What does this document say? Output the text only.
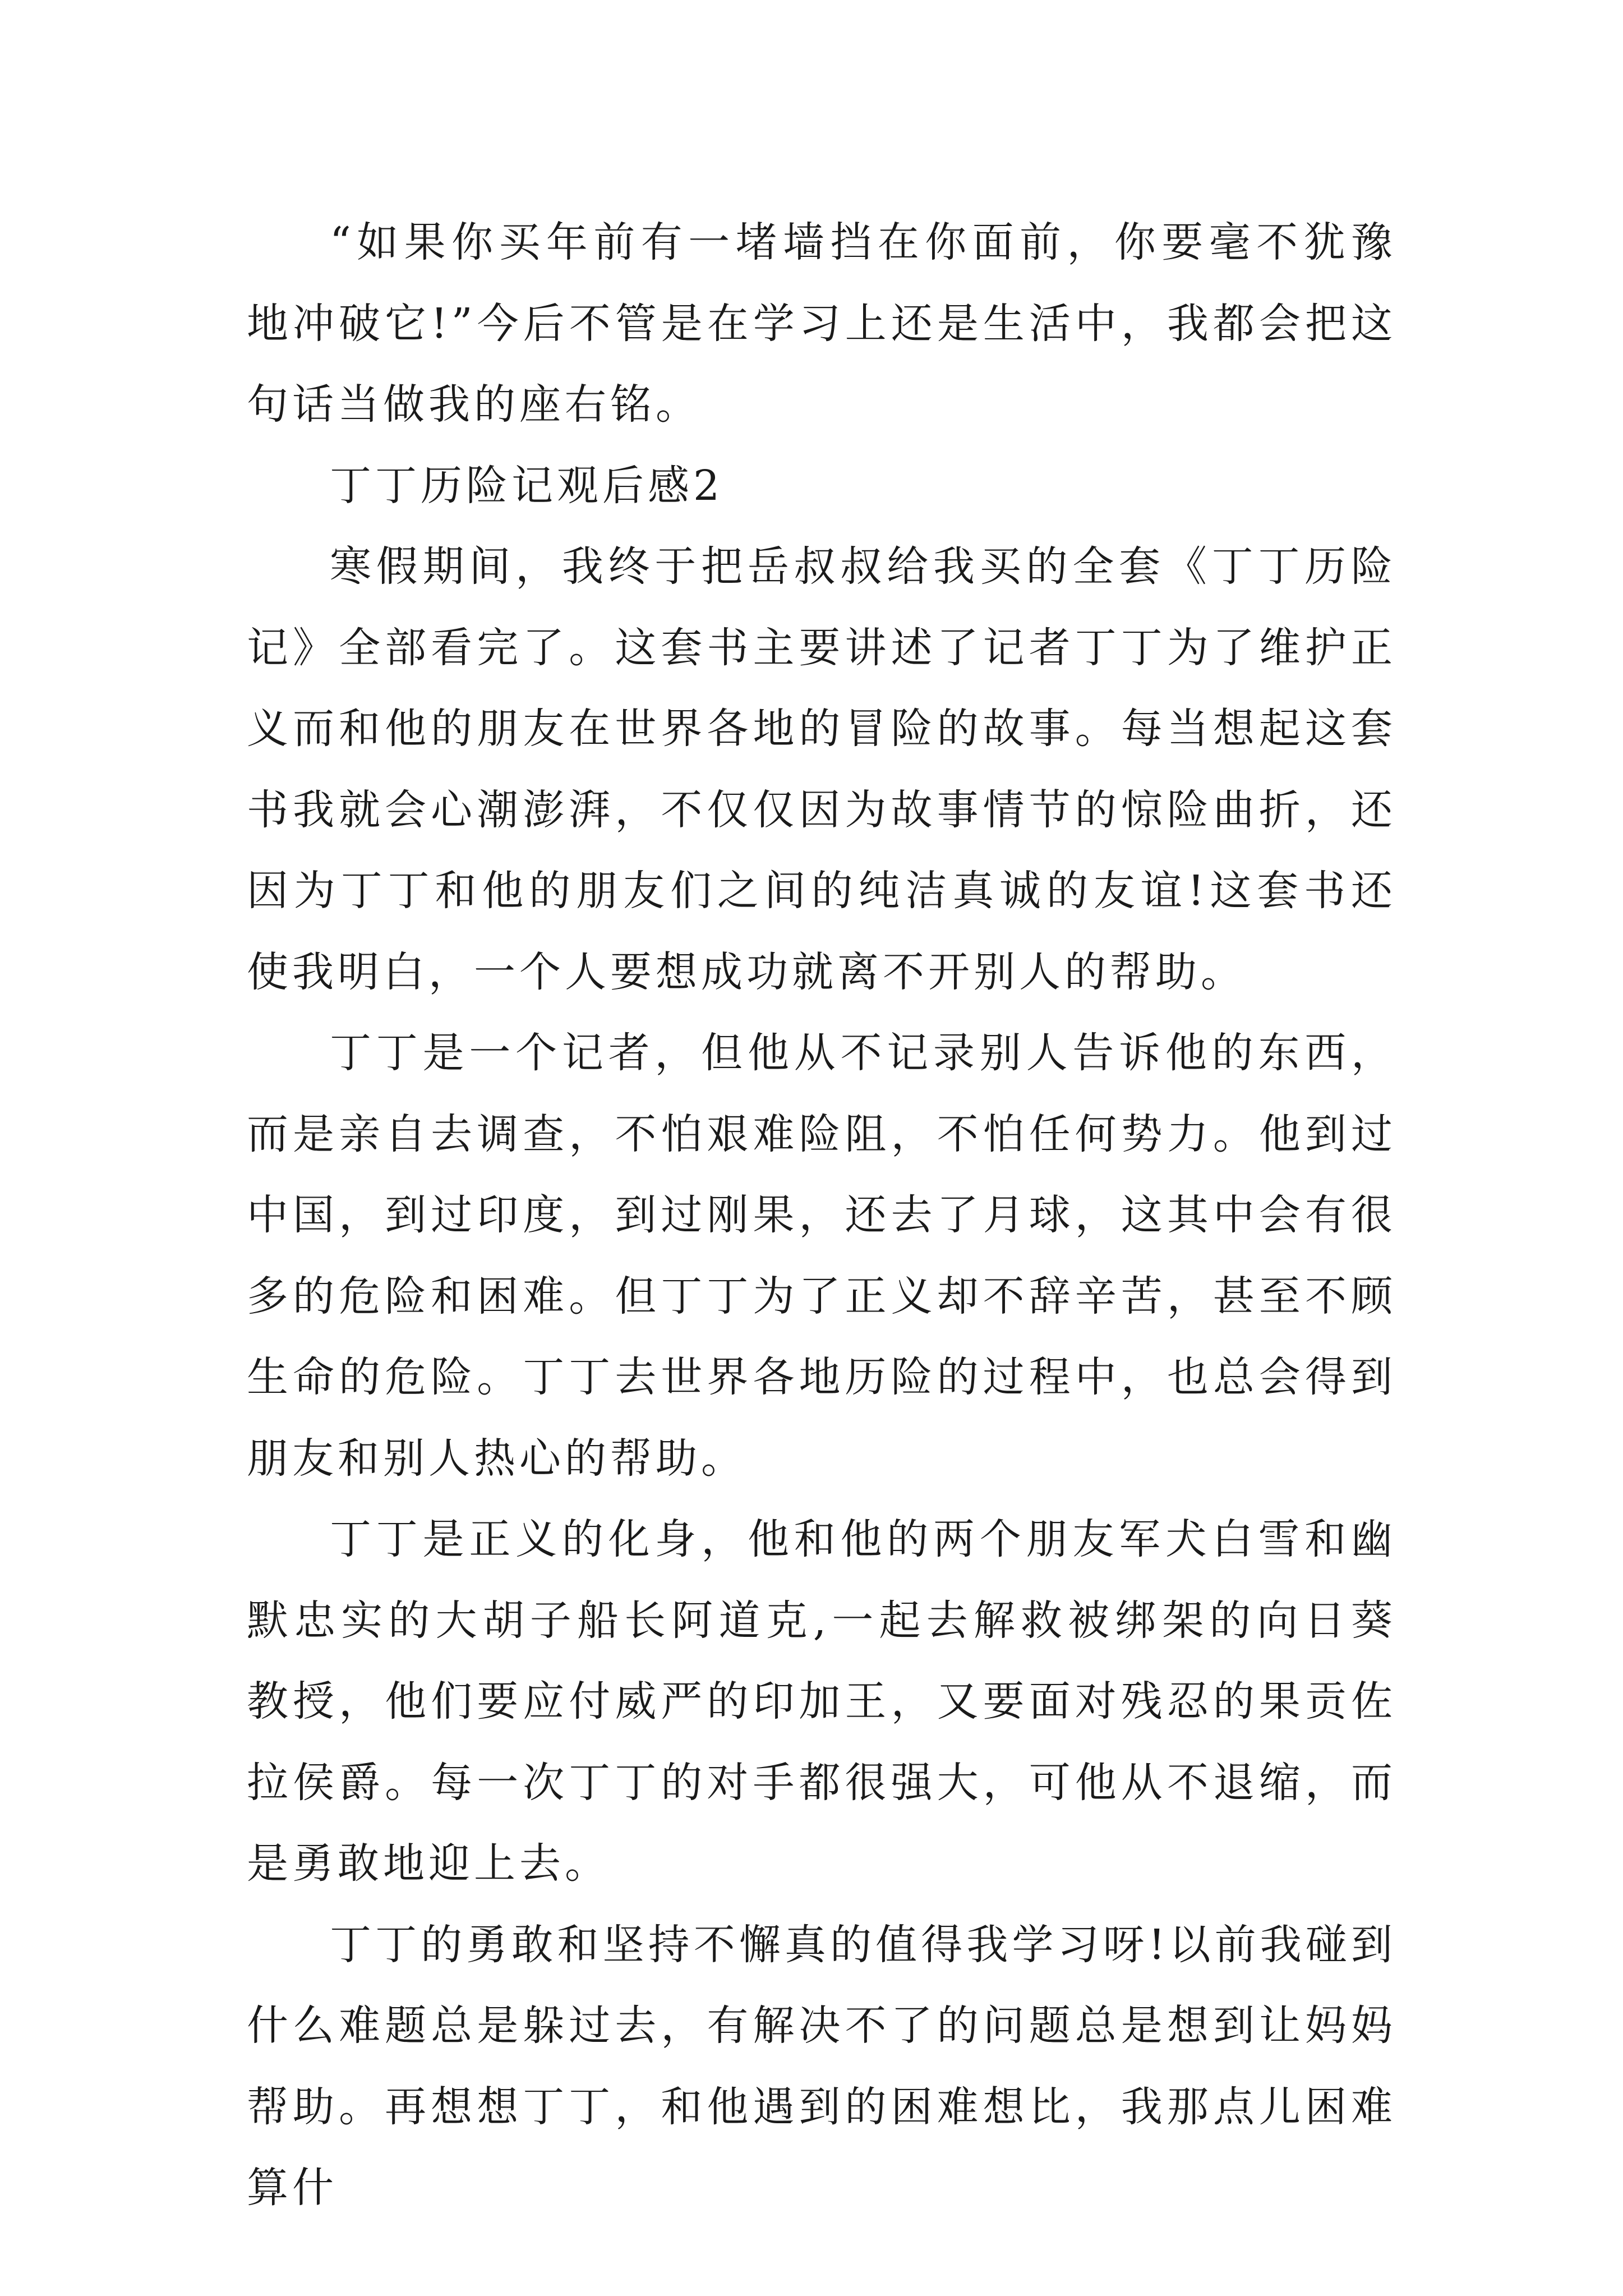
“如果你买年前有一堵墙挡在你面前，你要毫不犹豫地冲破它!”今后不管是在学习上还是生活中，我都会把这句话当做我的座右铭。

丁丁历险记观后感2

寒假期间，我终于把岳叔叔给我买的全套《丁丁历险记》全部看完了。这套书主要讲述了记者丁丁为了维护正义而和他的朋友在世界各地的冒险的故事。每当想起这套书我就会心潮澎湃，不仅仅因为故事情节的惊险曲折，还因为丁丁和他的朋友们之间的纯洁真诚的友谊!这套书还使我明白，一个人要想成功就离不开别人的帮助。

丁丁是一个记者，但他从不记录别人告诉他的东西，而是亲自去调查，不怕艰难险阻，不怕任何势力。他到过中国，到过印度，到过刚果，还去了月球，这其中会有很多的危险和困难。但丁丁为了正义却不辞辛苦，甚至不顾生命的危险。丁丁去世界各地历险的过程中，也总会得到朋友和别人热心的帮助。

丁丁是正义的化身，他和他的两个朋友军犬白雪和幽默忠实的大胡子船长阿道克,一起去解救被绑架的向日葵教授，他们要应付威严的印加王，又要面对残忍的果贡佐拉侯爵。每一次丁丁的对手都很强大，可他从不退缩，而是勇敢地迎上去。

丁丁的勇敢和坚持不懈真的值得我学习呀!以前我碰到什么难题总是躲过去，有解决不了的问题总是想到让妈妈帮助。再想想丁丁，和他遇到的困难想比，我那点儿困难算什
